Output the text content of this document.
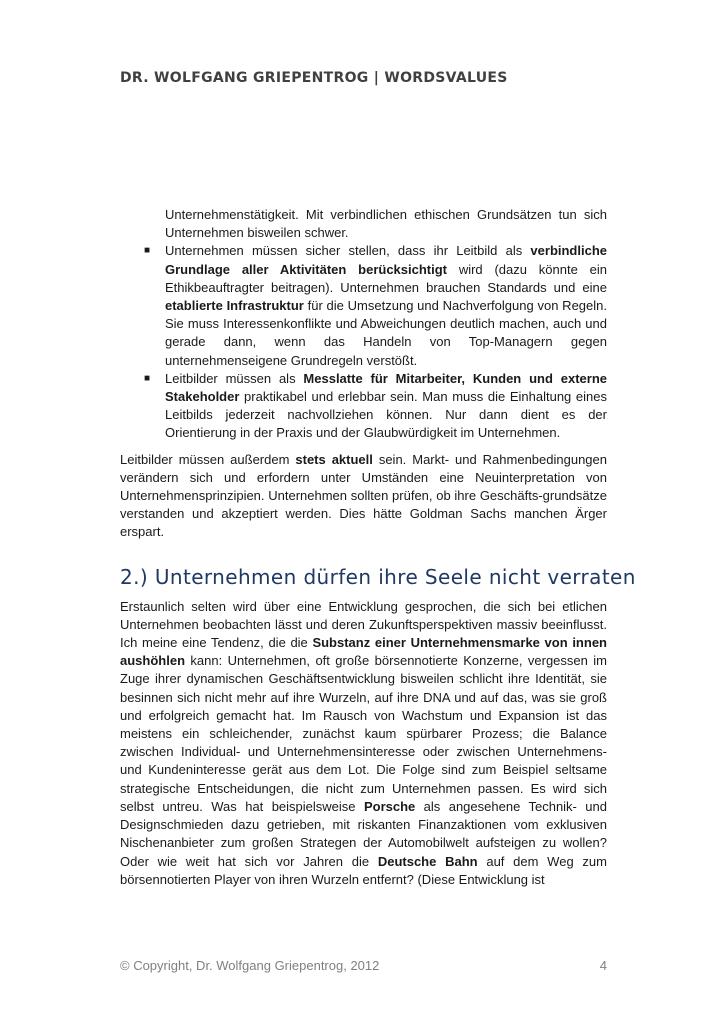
DR. WOLFGANG GRIEPENTROG | WORDSVALUES

Unternehmenstätigkeit. Mit verbindlichen ethischen Grundsätzen tun sich Unternehmen bisweilen schwer.

■ Unternehmen müssen sicher stellen, dass ihr Leitbild als verbindliche Grundlage aller Aktivitäten berücksichtigt wird (dazu könnte ein Ethikbeauftragter beitragen). Unternehmen brauchen Standards und eine etablierte Infrastruktur für die Umsetzung und Nachverfolgung von Regeln. Sie muss Interessenkonflikte und Abweichungen deutlich machen, auch und gerade dann, wenn das Handeln von Top-Managern gegen unternehmenseigene Grundregeln verstößt.
■ Leitbilder müssen als Messlatte für Mitarbeiter, Kunden und externe Stakeholder praktikabel und erlebbar sein. Man muss die Einhaltung eines Leitbilds jederzeit nachvollziehen können. Nur dann dient es der Orientierung in der Praxis und der Glaubwürdigkeit im Unternehmen.

Leitbilder müssen außerdem stets aktuell sein. Markt- und Rahmenbedingungen verändern sich und erfordern unter Umständen eine Neuinterpretation von Unternehmensprinzipien. Unternehmen sollten prüfen, ob ihre Geschäfts-grundsätze verstanden und akzeptiert werden. Dies hätte Goldman Sachs manchen Ärger erspart.

2.) Unternehmen dürfen ihre Seele nicht verraten

Erstaunlich selten wird über eine Entwicklung gesprochen, die sich bei etlichen Unternehmen beobachten lässt und deren Zukunftsperspektiven massiv beeinflusst. Ich meine eine Tendenz, die die Substanz einer Unternehmensmarke von innen aushöhlen kann: Unternehmen, oft große börsennotierte Konzerne, vergessen im Zuge ihrer dynamischen Geschäftsentwicklung bisweilen schlicht ihre Identität, sie besinnen sich nicht mehr auf ihre Wurzeln, auf ihre DNA und auf das, was sie groß und erfolgreich gemacht hat. Im Rausch von Wachstum und Expansion ist das meistens ein schleichender, zunächst kaum spürbarer Prozess; die Balance zwischen Individual- und Unternehmensinteresse oder zwischen Unternehmens- und Kundeninteresse gerät aus dem Lot. Die Folge sind zum Beispiel seltsame strategische Entscheidungen, die nicht zum Unternehmen passen. Es wird sich selbst untreu. Was hat beispielsweise Porsche als angesehene Technik- und Designschmieden dazu getrieben, mit riskanten Finanzaktionen vom exklusiven Nischenanbieter zum großen Strategen der Automobilwelt aufsteigen zu wollen? Oder wie weit hat sich vor Jahren die Deutsche Bahn auf dem Weg zum börsennotierten Player von ihren Wurzeln entfernt? (Diese Entwicklung ist

© Copyright, Dr. Wolfgang Griepentrog, 2012	4
